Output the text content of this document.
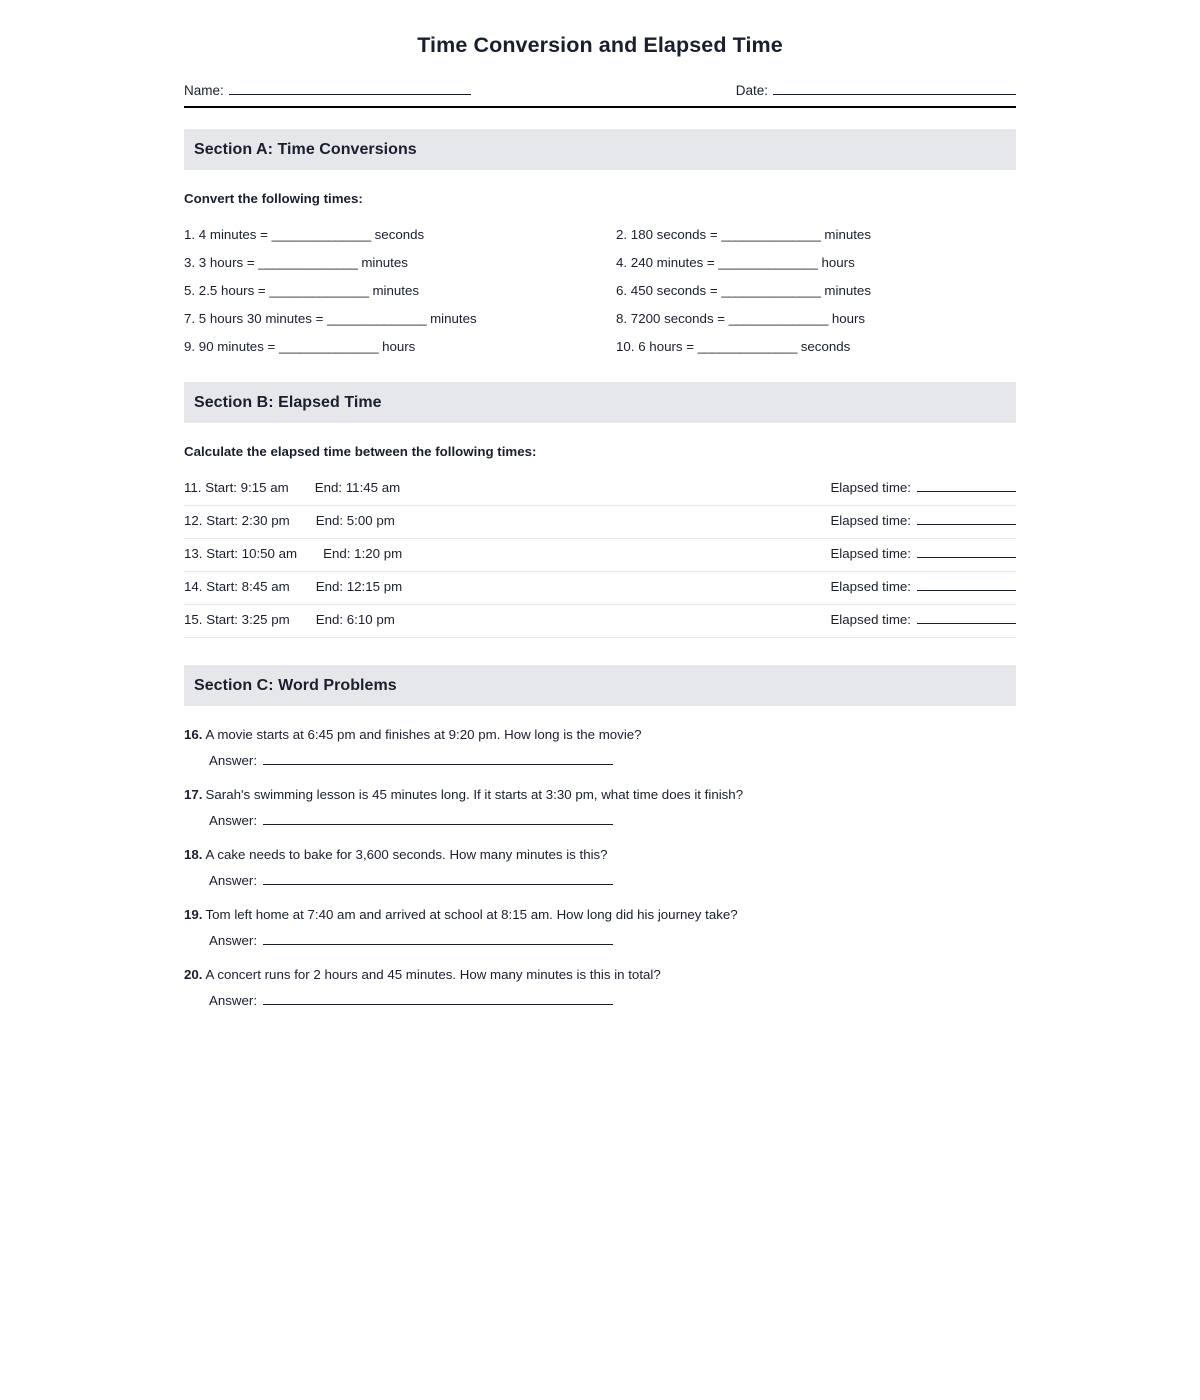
Time Conversion and Elapsed Time
Name:	Date:
Section A: Time Conversions
Convert the following times:
1. 4 minutes = ______________ seconds	2. 180 seconds = ______________ minutes
3. 3 hours = ______________ minutes	4. 240 minutes = ______________ hours
5. 2.5 hours = ______________ minutes	6. 450 seconds = ______________ minutes
7. 5 hours 30 minutes = ______________ minutes	8. 7200 seconds = ______________ hours
9. 90 minutes = ______________ hours	10. 6 hours = ______________ seconds
Section B: Elapsed Time
Calculate the elapsed time between the following times:
11. Start: 9:15 am End: 11:45 am	Elapsed time:
12. Start: 2:30 pm End: 5:00 pm	Elapsed time:
13. Start: 10:50 am End: 1:20 pm	Elapsed time:
14. Start: 8:45 am End: 12:15 pm	Elapsed time:
15. Start: 3:25 pm End: 6:10 pm	Elapsed time:
Section C: Word Problems
16. A movie starts at 6:45 pm and finishes at 9:20 pm. How long is the movie?
Answer:
17. Sarah's swimming lesson is 45 minutes long. If it starts at 3:30 pm, what time does it finish?
Answer:
18. A cake needs to bake for 3,600 seconds. How many minutes is this?
Answer:
19. Tom left home at 7:40 am and arrived at school at 8:15 am. How long did his journey take?
Answer:
20. A concert runs for 2 hours and 45 minutes. How many minutes is this in total?
Answer:
